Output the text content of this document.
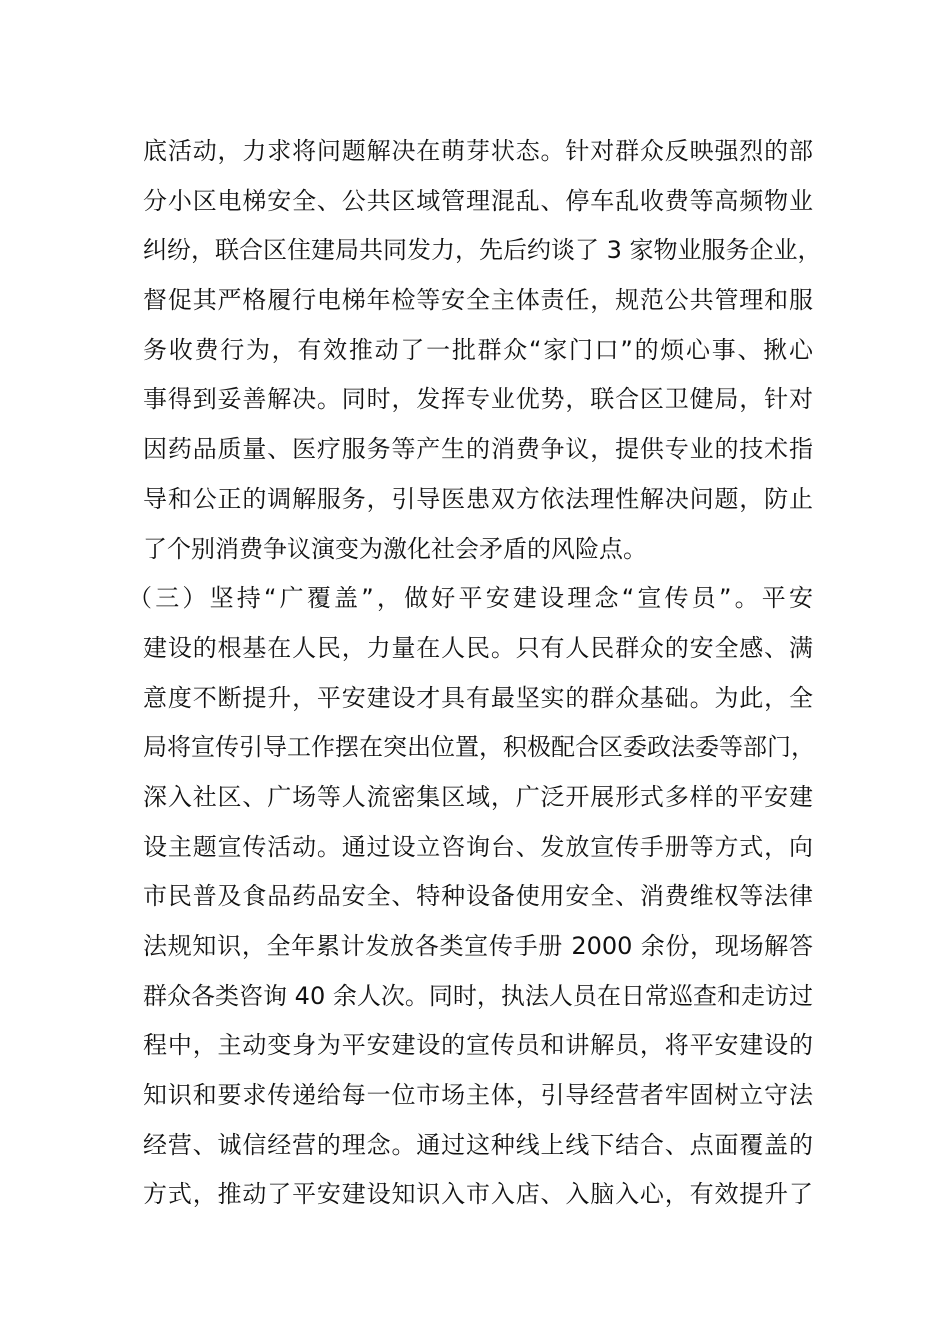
底活动，力求将问题解决在萌芽状态。针对群众反映强烈的部
分小区电梯安全、公共区域管理混乱、停车乱收费等高频物业
纠纷，联合区住建局共同发力，先后约谈了 3 家物业服务企业，
督促其严格履行电梯年检等安全主体责任，规范公共管理和服
务收费行为，有效推动了一批群众“家门口”的烦心事、揪心
事得到妥善解决。同时，发挥专业优势，联合区卫健局，针对
因药品质量、医疗服务等产生的消费争议，提供专业的技术指
导和公正的调解服务，引导医患双方依法理性解决问题，防止
了个别消费争议演变为激化社会矛盾的风险点。
（三）坚持“广覆盖”，做好平安建设理念“宣传员”。平安
建设的根基在人民，力量在人民。只有人民群众的安全感、满
意度不断提升，平安建设才具有最坚实的群众基础。为此，全
局将宣传引导工作摆在突出位置，积极配合区委政法委等部门，
深入社区、广场等人流密集区域，广泛开展形式多样的平安建
设主题宣传活动。通过设立咨询台、发放宣传手册等方式，向
市民普及食品药品安全、特种设备使用安全、消费维权等法律
法规知识，全年累计发放各类宣传手册 2000 余份，现场解答
群众各类咨询 40 余人次。同时，执法人员在日常巡查和走访过
程中，主动变身为平安建设的宣传员和讲解员，将平安建设的
知识和要求传递给每一位市场主体，引导经营者牢固树立守法
经营、诚信经营的理念。通过这种线上线下结合、点面覆盖的
方式，推动了平安建设知识入市入店、入脑入心，有效提升了
